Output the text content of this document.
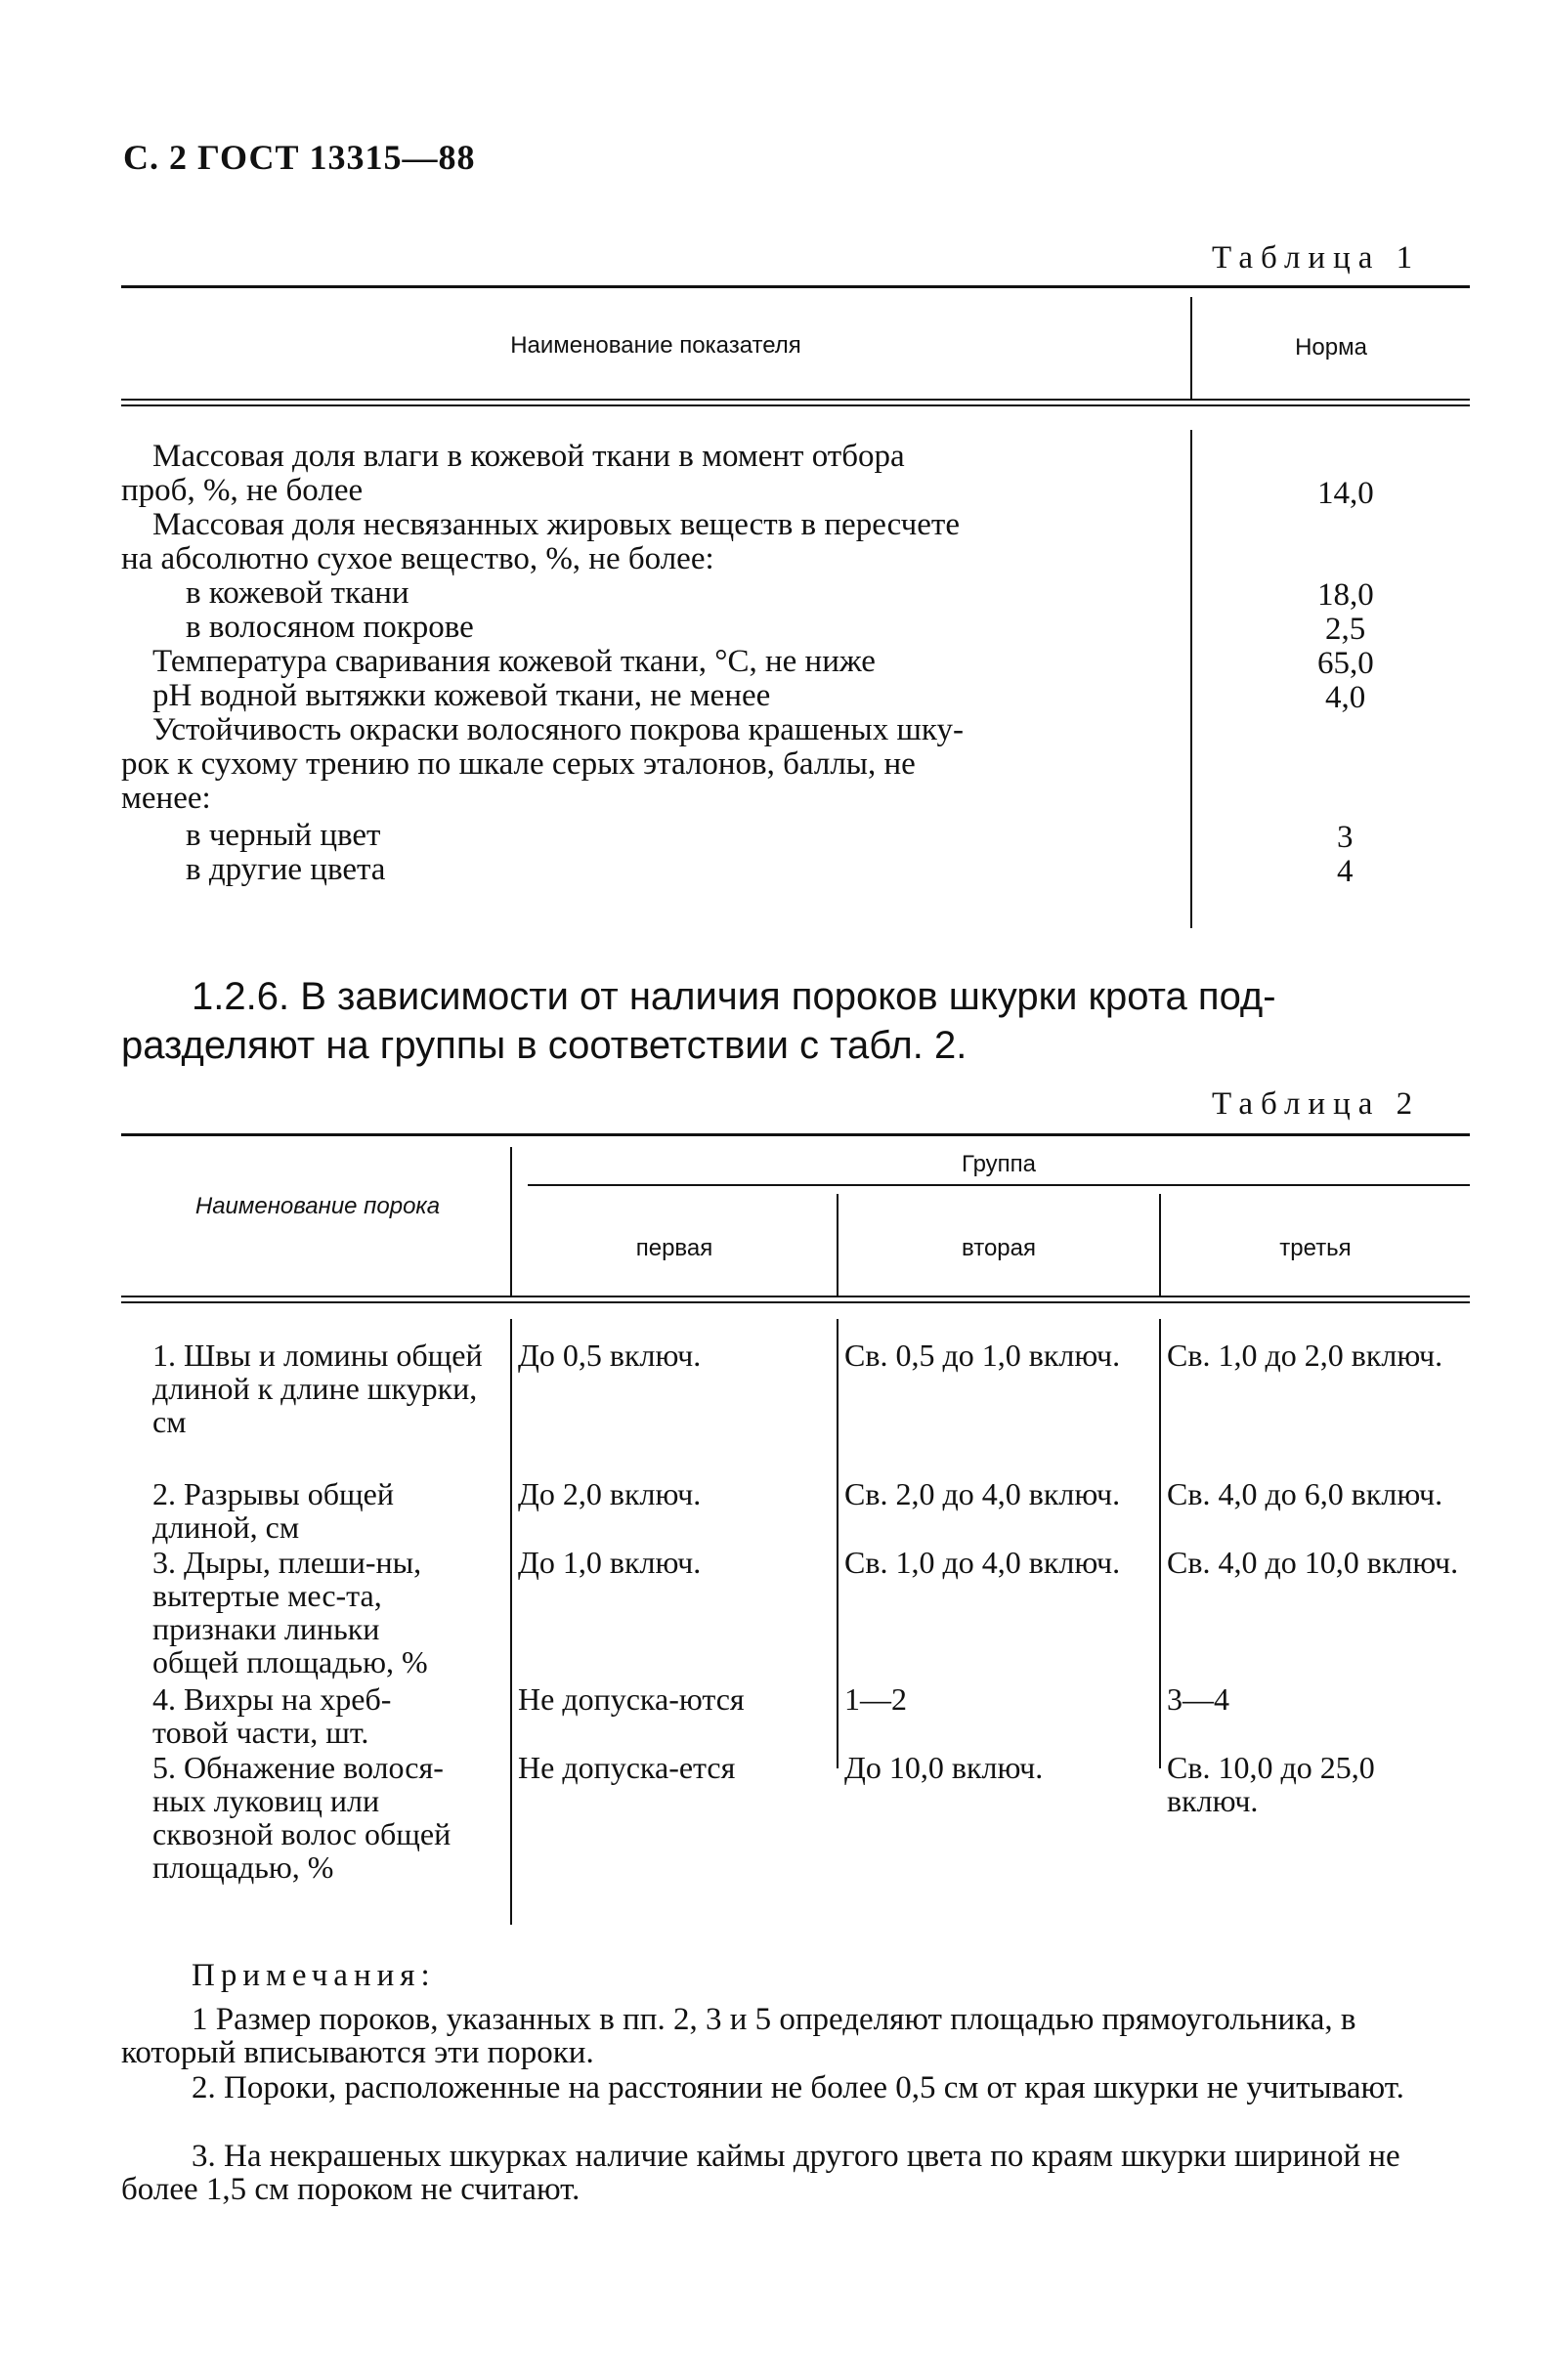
С. 2 ГОСТ 13315—88
Таблица 1
Наименование показателя	Норма
Массовая доля влаги в кожевой ткани в момент отбора
проб, %, не более	14,0
Массовая доля несвязанных жировых веществ в пересчете
на абсолютно сухое вещество, %, не более:
в кожевой ткани	18,0
в волосяном покрове	2,5
Температура сваривания кожевой ткани, °С, не ниже	65,0
рН водной вытяжки кожевой ткани, не менее	4,0
Устойчивость окраски волосяного покрова крашеных шку-
рок к сухому трению по шкале серых эталонов, баллы, не
менее:
в черный цвет	3
в другие цвета	4
1.2.6. В зависимости от наличия пороков шкурки крота под-
разделяют на группы в соответствии с табл. 2.
Таблица 2
Наименование порока
Группа
первая	вторая	третья
1. Швы и ломины общей длиной к длине шкурки, см
До 0,5 включ.	Св. 0,5 до 1,0 включ.	Св. 1,0 до 2,0 включ.
2. Разрывы общей длиной, см
До 2,0 включ.	Св. 2,0 до 4,0 включ.	Св. 4,0 до 6,0 включ.
3. Дыры, плеши-ны, вытертые мес-та, признаки линьки общей площадью, %
До 1,0 включ.	Св. 1,0 до 4,0 включ.	Св. 4,0 до 10,0 включ.
4. Вихры на хреб-товой части, шт.
Не допуска-ются	1—2	3—4
5. Обнажение волося-ных луковиц или сквозной волос общей площадью, %
Не допуска-ется	До 10,0 включ.	Св. 10,0 до 25,0 включ.
Примечания:
1 Размер пороков, указанных в пп. 2, 3 и 5 определяют площадью прямоугольника, в который вписываются эти пороки.
2. Пороки, расположенные на расстоянии не более 0,5 см от края шкурки не учитывают.
3. На некрашеных шкурках наличие каймы другого цвета по краям шкурки шириной не более 1,5 см пороком не считают.
